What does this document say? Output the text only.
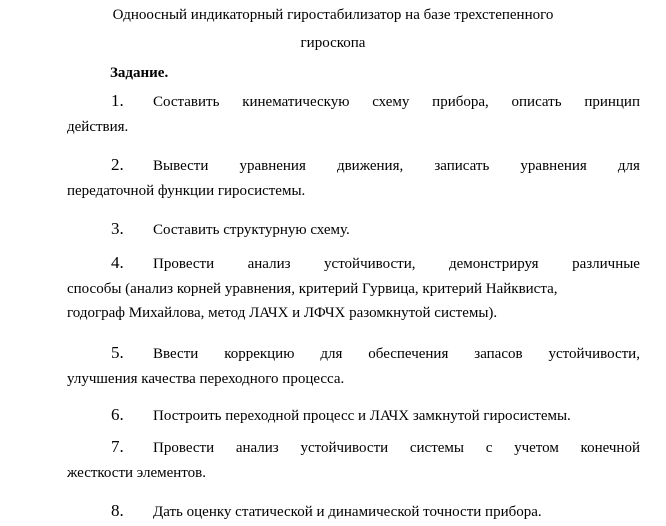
Одноосный индикаторный гиростабилизатор на базе трехстепенного
гироскопа
Задание.
1.	Составить кинематическую схему прибора, описать принцип
действия.
2.	Вывести уравнения движения, записать уравнения для
передаточной функции гиросистемы.
3.	Составить структурную схему.
4.	Провести анализ устойчивости, демонстрируя различные
способы (анализ корней уравнения, критерий Гурвица, критерий Найквиста,
годограф Михайлова, метод ЛАЧХ и ЛФЧХ разомкнутой системы).
5.	Ввести коррекцию для обеспечения запасов устойчивости,
улучшения качества переходного процесса.
6.	Построить переходной процесс и ЛАЧХ замкнутой гиросистемы.
7.	Провести анализ устойчивости системы с учетом конечной
жесткости элементов.
8.	Дать оценку статической и динамической точности прибора.
